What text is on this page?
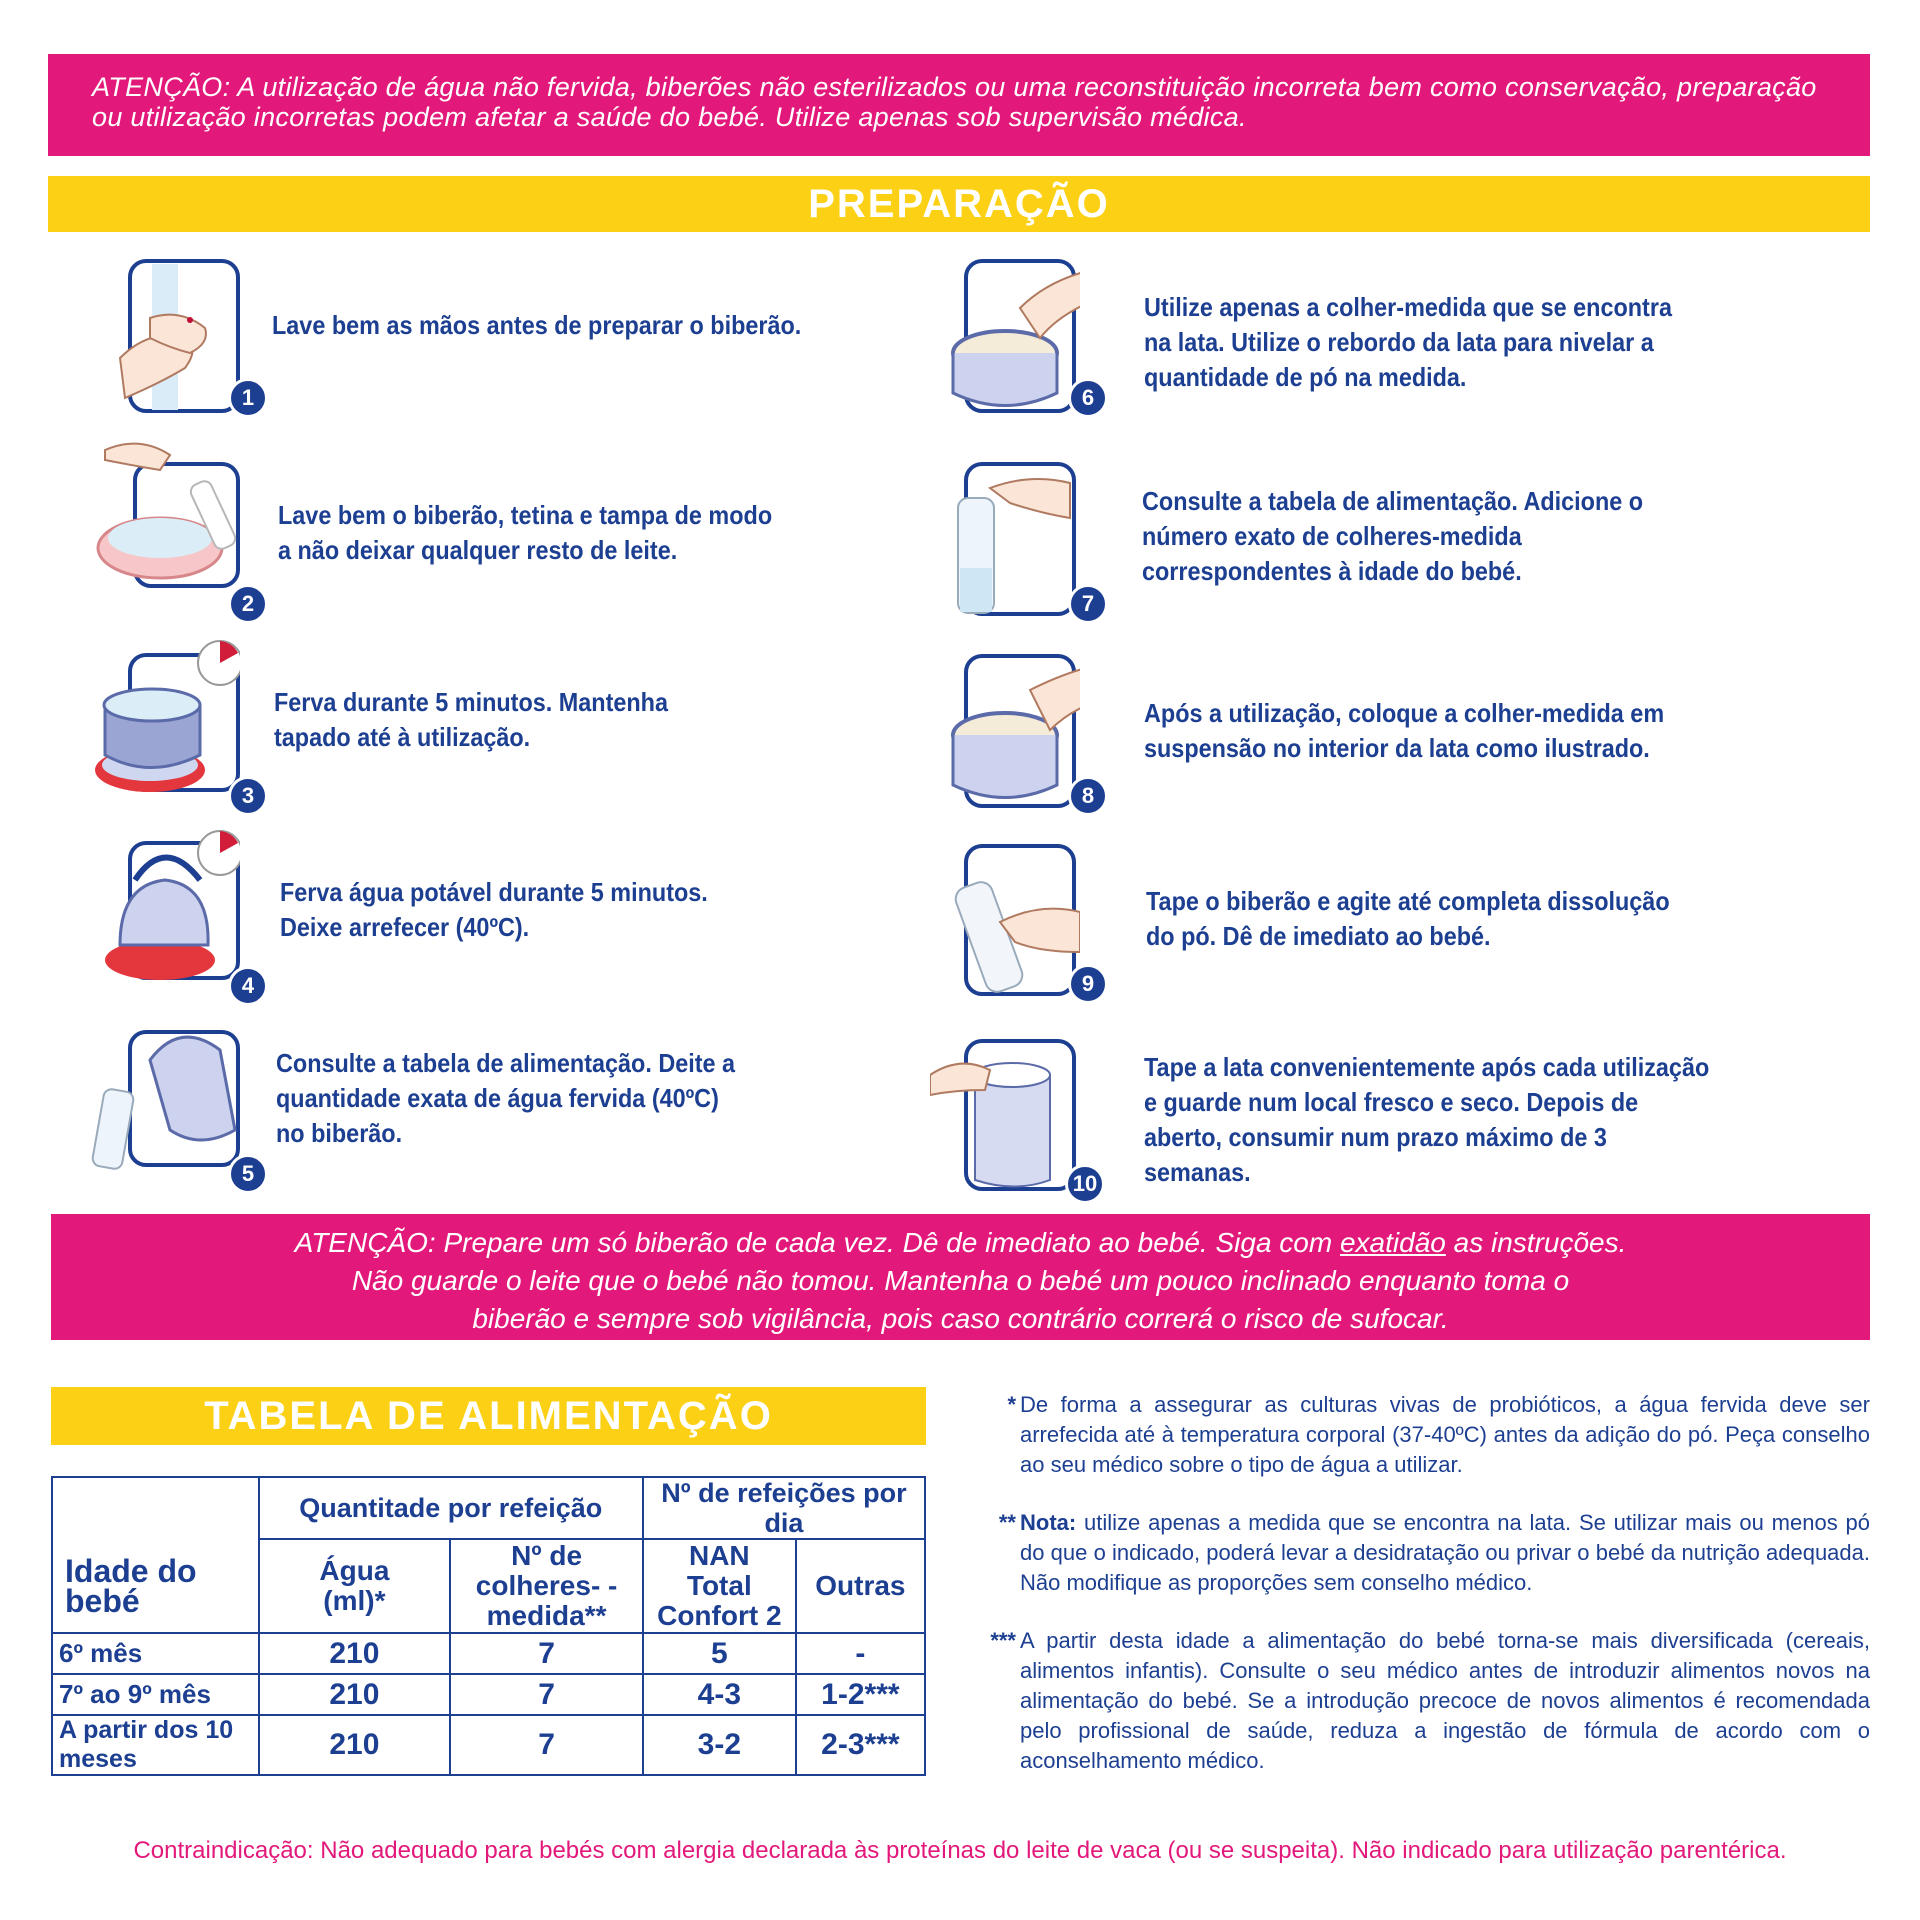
ATENÇÃO: A utilização de água não fervida, biberões não esterilizados ou uma reconstituição incorreta bem como conservação, preparação ou utilização incorretas podem afetar a saúde do bebé. Utilize apenas sob supervisão médica.
PREPARAÇÃO
1
Lave bem as mãos antes de preparar o biberão.
2
Lave bem o biberão, tetina e tampa de modo a não deixar qualquer resto de leite.
3
Ferva durante 5 minutos. Mantenha tapado até à utilização.
4
Ferva água potável durante 5 minutos. Deixe arrefecer (40ºC).
5
Consulte a tabela de alimentação. Deite a quantidade exata de água fervida (40ºC) no biberão.
6
Utilize apenas a colher-medida que se encontra na lata. Utilize o rebordo da lata para nivelar a quantidade de pó na medida.
7
Consulte a tabela de alimentação. Adicione o número exato de colheres-medida correspondentes à idade do bebé.
8
Após a utilização, coloque a colher-medida em suspensão no interior da lata como ilustrado.
9
Tape o biberão e agite até completa dissolução do pó. Dê de imediato ao bebé.
10
Tape a lata convenientemente após cada utilização e guarde num local fresco e seco. Depois de aberto, consumir num prazo máximo de 3 semanas.
ATENÇÃO: Prepare um só biberão de cada vez. Dê de imediato ao bebé. Siga com exatidão as instruções.
Não guarde o leite que o bebé não tomou. Mantenha o bebé um pouco inclinado enquanto toma o
biberão e sempre sob vigilância, pois caso contrário correrá o risco de sufocar.
TABELA DE ALIMENTAÇÃO
	Quantitade por refeição		Nº de refeições por dia	
Idade do bebé	Água (ml)*	Nº de colheres- -medida**	NAN Total Confort 2	Outras
6º mês	210	7	5	-
7º ao 9º mês	210	7	4-3	1-2***
A partir dos 10 meses	210	7	3-2	2-3***
* De forma a assegurar as culturas vivas de probióticos, a água fervida deve ser arrefecida até à temperatura corporal (37-40ºC) antes da adição do pó. Peça conselho ao seu médico sobre o tipo de água a utilizar.
** Nota: utilize apenas a medida que se encontra na lata. Se utilizar mais ou menos pó do que o indicado, poderá levar a desidratação ou privar o bebé da nutrição adequada. Não modifique as proporções sem conselho médico.
*** A partir desta idade a alimentação do bebé torna-se mais diversificada (cereais, alimentos infantis). Consulte o seu médico antes de introduzir alimentos novos na alimentação do bebé. Se a introdução precoce de novos alimentos é recomendada pelo profissional de saúde, reduza a ingestão de fórmula de acordo com o aconselhamento médico.
Contraindicação: Não adequado para bebés com alergia declarada às proteínas do leite de vaca (ou se suspeita). Não indicado para utilização parentérica.
